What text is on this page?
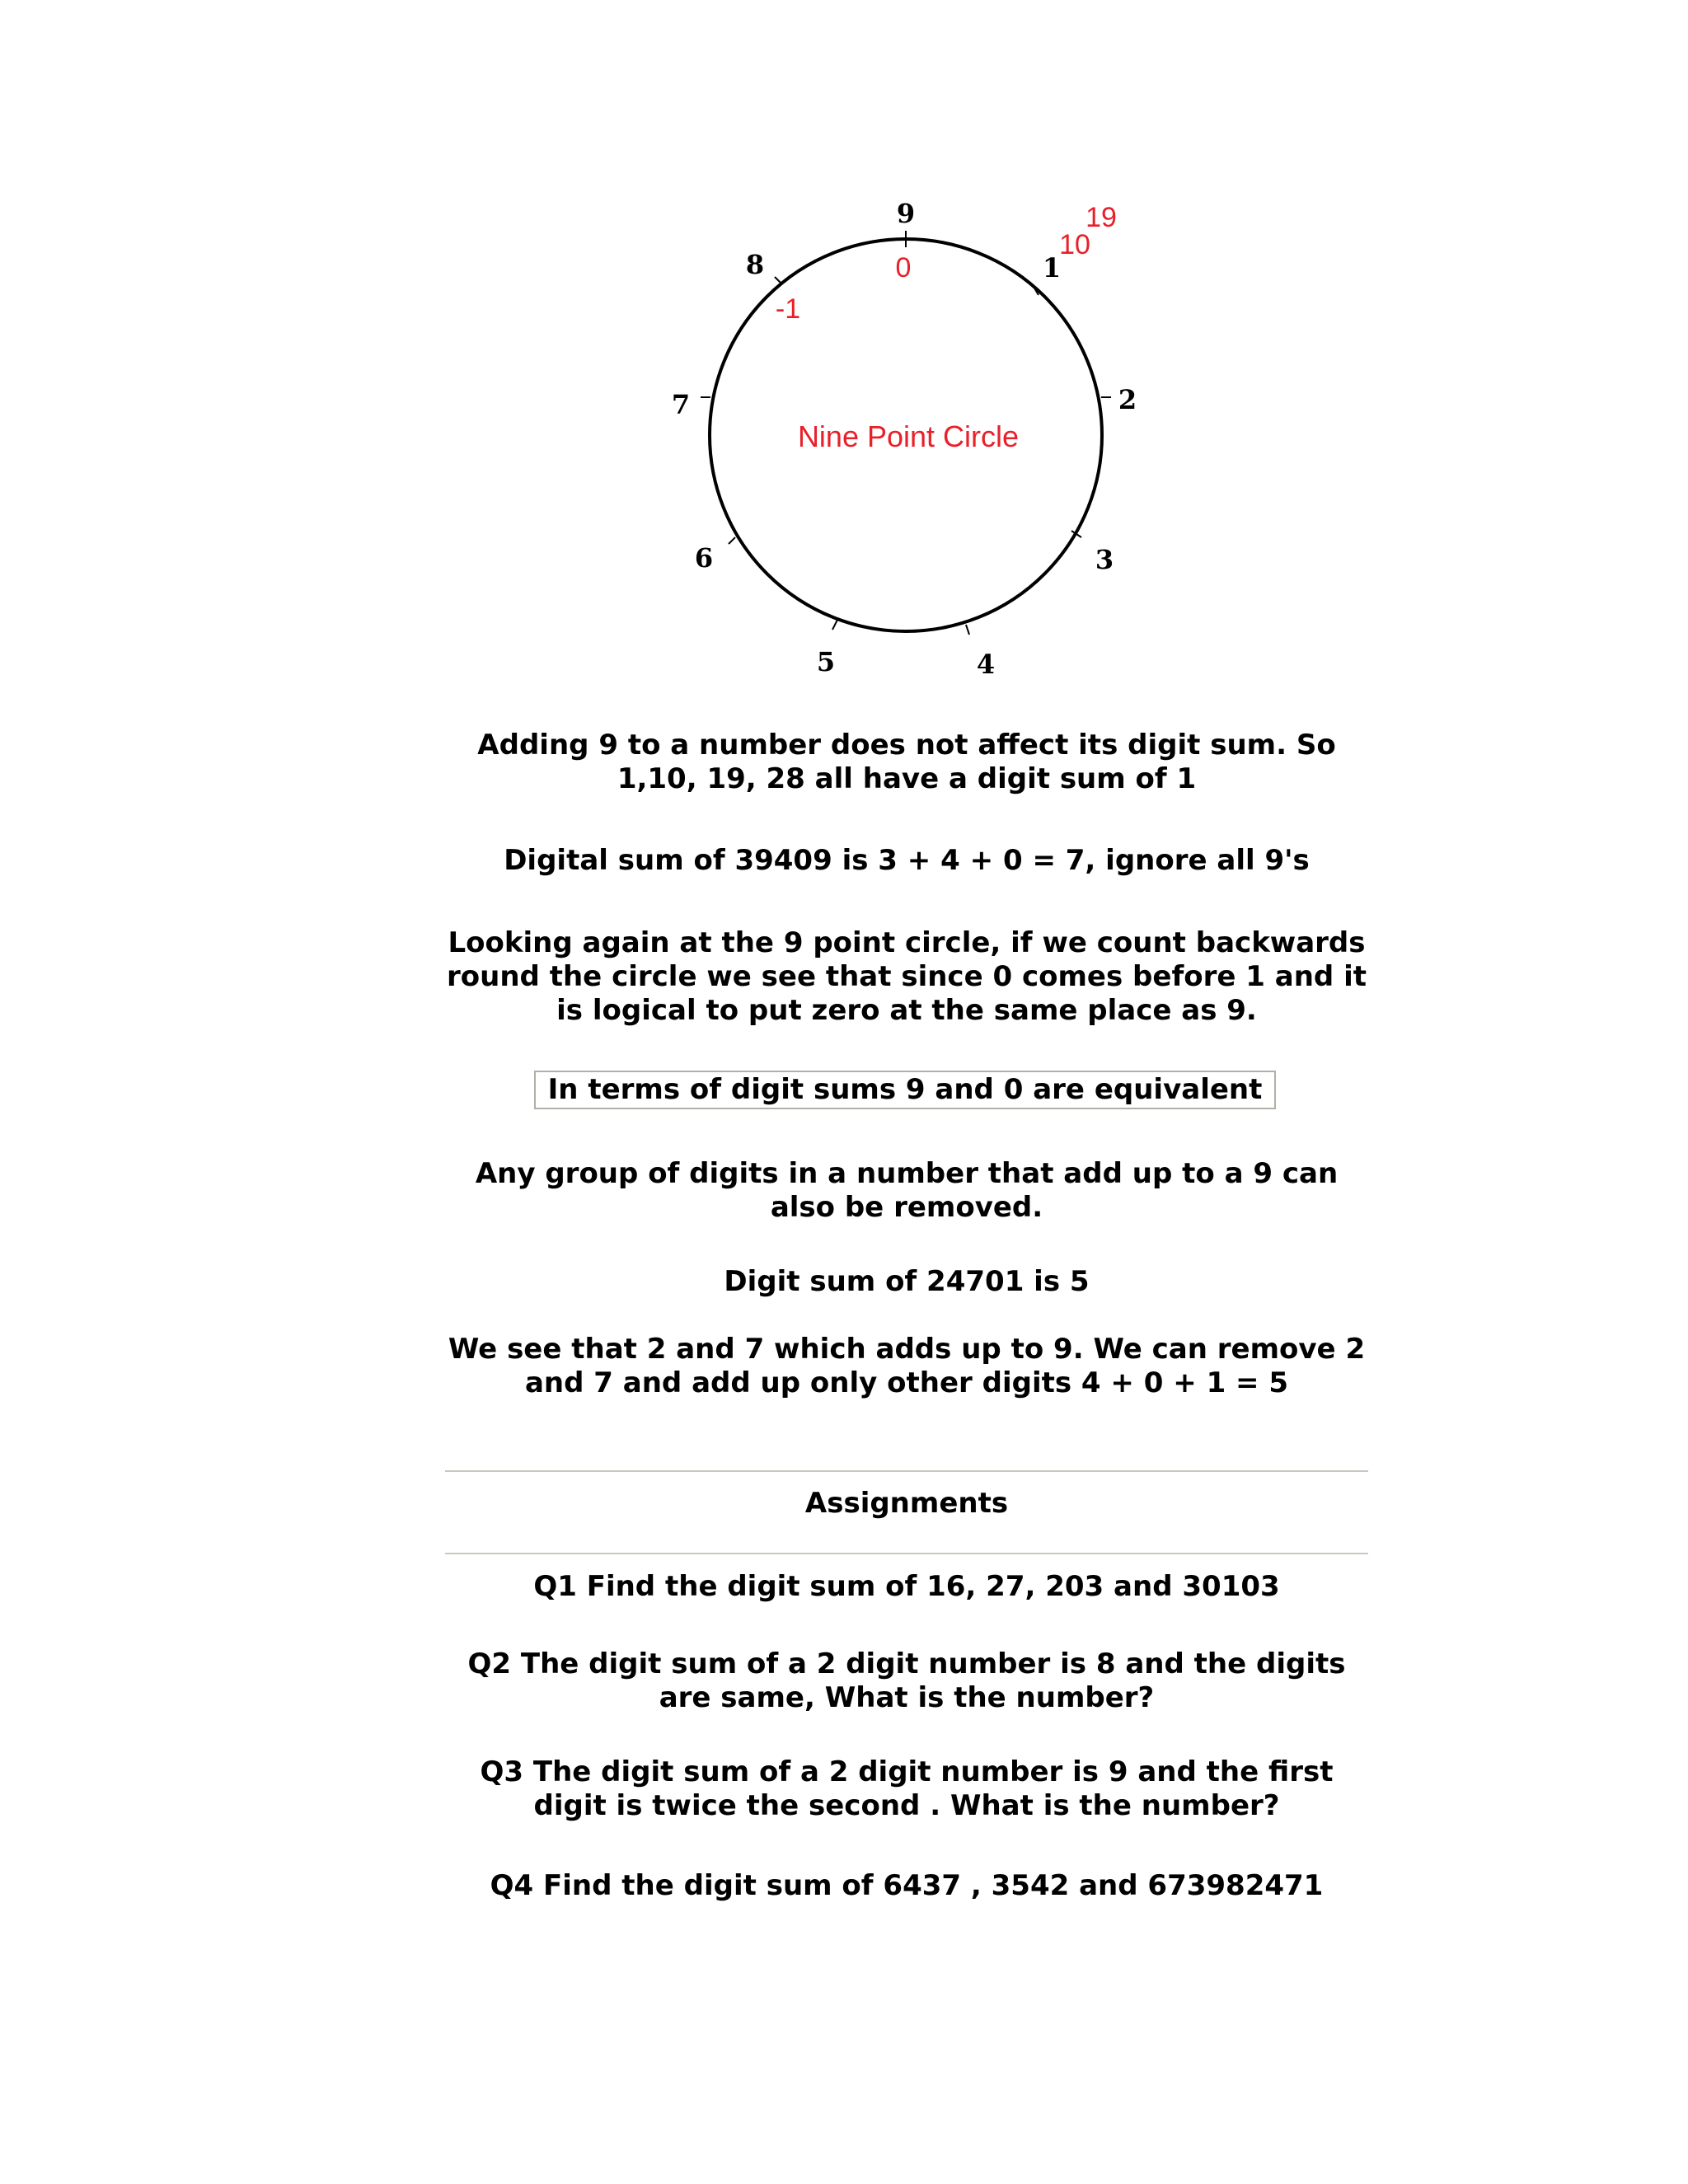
9
1
2
3
4
5
6
7
8	0
10
19
-1
Nine Point Circle
Adding 9 to a number does not affect its digit sum. So 1,10, 19, 28 all have a digit sum of 1
Digital sum of 39409 is 3 + 4 + 0 = 7, ignore all 9's
Looking again at the 9 point circle, if we count backwards round the circle we see that since 0 comes before 1 and it is logical to put zero at the same place as 9.
In terms of digit sums 9 and 0 are equivalent
Any group of digits in a number that add up to a 9 can also be removed.
Digit sum of 24701 is 5
We see that 2 and 7 which adds up to 9. We can remove 2 and 7 and add up only other digits 4 + 0 + 1 = 5
Assignments
Q1 Find the digit sum of 16, 27, 203 and 30103
Q2 The digit sum of a 2 digit number is 8 and the digits are same, What is the number?
Q3 The digit sum of a 2 digit number is 9 and the first digit is twice the second . What is the number?
Q4 Find the digit sum of 6437 , 3542 and 673982471
